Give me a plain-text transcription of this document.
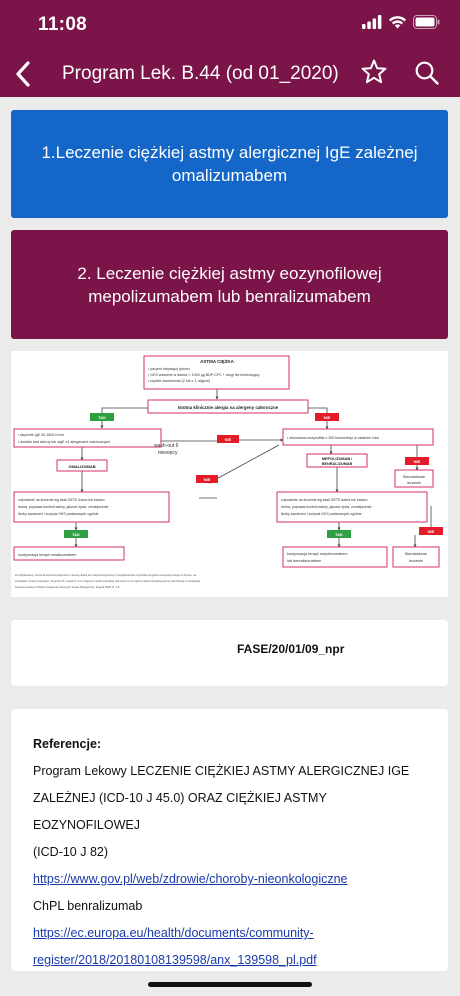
11:08
Program Lek. B.44 (od 01_2020)
1.Leczenie ciężkiej astmy alergicznej IgE zależnej omalizumabem
2. Leczenie ciężkiej astmy eozynofilowej mepolizumabem lub benralizumabem
ASTMA CIĘŻKA
• pacjent niepalący tytoniu
• GKS wziewne w dawce > 1000 μg BDP-CFC + drugi lek kontrolujący
• ciężkie zaostrzenia (2 lub ≥ 1 objęcie)
Istotna klinicznie alergia na alergeny całoroczne
TAK	NIE
• stężenie IgE 30-1500 IU/ml
• dodatni test skórny lub sIgE ≥1 alergenami całorocznymi	NIE	• obwodowa eozynofilia ≥ 350 komórek/µl w ostatnim roku
NIE
OMALIZUMAB
wash-out 6
miesięcy
NIE
MEPOLIZUMAB /
BENRALIZUMAB
Standardowe
leczenie
odpowiedź na leczenie wg skali GETE dobra lub bardzo
dobra, poprawa kontroli astmy, jakości życia, zmniejszenie
liczby zaostrzeń i zużycia GKS podawanych ogólnie
odpowiedź na leczenie wg skali GETE dobra lub bardzo
dobra, poprawa kontroli astmy, jakości życia, zmniejszenie
liczby zaostrzeń i zużycia GKS podawanych ogólnie
TAK	TAK
NIE
kontynuacja terapii omalizumabem	kontynuacja terapii mepolizumabem
lub benralizumabem
Standardowe
leczenie
Zmodyfikowany. schemat leczenia pacjentów z astmą ciężką do terapii biologicznej z uwzględnieniem kryteriów programu terapeutycznego w Polsce: na
podstawie: Kupryś-Lipińska I, Kupczyk M, Lacwik P, et al. Algorytm opieki lekarskiej nad chorymi na ciężką niekontrolowaną astmę oskrzelową w kontekście
funkcjonowania w Polsce programów lekowych terapii biologicznej. Terapia 2020; 8: 1-8.
FASE/20/01/09_npr
Referencje:
Program Lekowy LECZENIE CIĘŻKIEJ ASTMY ALERGICZNEJ IGE
ZALEŻNEJ (ICD-10 J 45.0) ORAZ CIĘŻKIEJ ASTMY EOZYNOFILOWEJ
(ICD-10 J 82)
https://www.gov.pl/web/zdrowie/choroby-nieonkologiczne
ChPL benralizumab
https://ec.europa.eu/health/documents/community-
register/2018/20180108139598/anx_139598_pl.pdf
